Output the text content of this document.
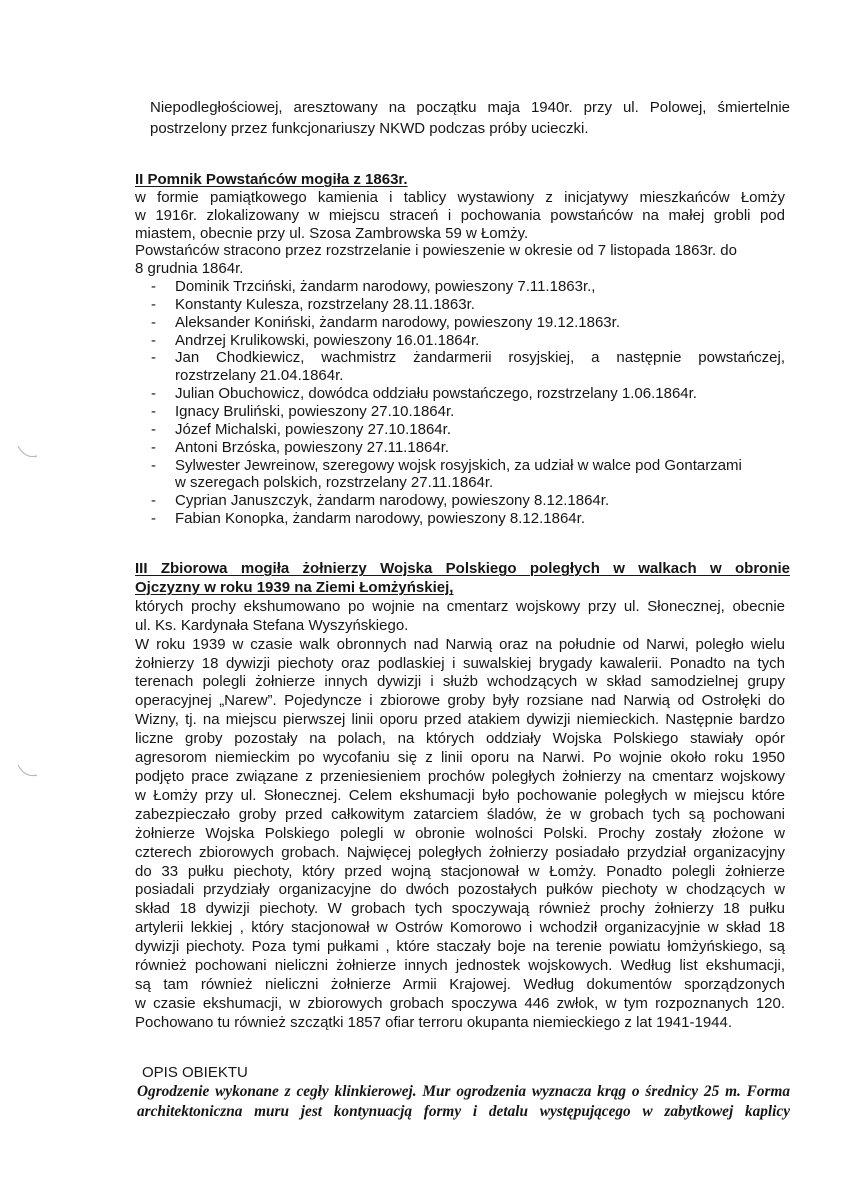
Niepodległościowej, aresztowany na początku maja 1940r. przy ul. Polowej, śmiertelnie
postrzelony przez funkcjonariuszy NKWD podczas próby ucieczki.
II Pomnik Powstańców mogiła z 1863r.
w formie pamiątkowego kamienia i tablicy wystawiony z inicjatywy mieszkańców Łomży
w 1916r. zlokalizowany w miejscu straceń i pochowania powstańców na małej grobli pod
miastem, obecnie przy ul. Szosa Zambrowska 59 w Łomży.
Powstańców stracono przez rozstrzelanie i powieszenie w okresie od 7 listopada 1863r. do
8 grudnia 1864r.
- Dominik Trzciński, żandarm narodowy, powieszony 7.11.1863r.,
- Konstanty Kulesza, rozstrzelany 28.11.1863r.
- Aleksander Koniński, żandarm narodowy, powieszony 19.12.1863r.
- Andrzej Krulikowski, powieszony 16.01.1864r.
- Jan Chodkiewicz, wachmistrz żandarmerii rosyjskiej, a następnie powstańczej,
rozstrzelany 21.04.1864r.
- Julian Obuchowicz, dowódca oddziału powstańczego, rozstrzelany 1.06.1864r.
- Ignacy Bruliński, powieszony 27.10.1864r.
- Józef Michalski, powieszony 27.10.1864r.
- Antoni Brzóska, powieszony 27.11.1864r.
- Sylwester Jewreinow, szeregowy wojsk rosyjskich, za udział w walce pod Gontarzami
w szeregach polskich, rozstrzelany 27.11.1864r.
- Cyprian Januszczyk, żandarm narodowy, powieszony 8.12.1864r.
- Fabian Konopka, żandarm narodowy, powieszony 8.12.1864r.
III Zbiorowa mogiła żołnierzy Wojska Polskiego poległych w walkach w obronie
Ojczyzny w roku 1939 na Ziemi Łomżyńskiej,
których prochy ekshumowano po wojnie na cmentarz wojskowy przy ul. Słonecznej, obecnie
ul. Ks. Kardynała Stefana Wyszyńskiego.
W roku 1939 w czasie walk obronnych nad Narwią oraz na południe od Narwi, poległo wielu
żołnierzy 18 dywizji piechoty oraz podlaskiej i suwalskiej brygady kawalerii. Ponadto na tych
terenach polegli żołnierze innych dywizji i służb wchodzących w skład samodzielnej grupy
operacyjnej „Narew”. Pojedyncze i zbiorowe groby były rozsiane nad Narwią od Ostrołęki do
Wizny, tj. na miejscu pierwszej linii oporu przed atakiem dywizji niemieckich. Następnie bardzo
liczne groby pozostały na polach, na których oddziały Wojska Polskiego stawiały opór
agresorom niemieckim po wycofaniu się z linii oporu na Narwi. Po wojnie około roku 1950
podjęto prace związane z przeniesieniem prochów poległych żołnierzy na cmentarz wojskowy
w Łomży przy ul. Słonecznej. Celem ekshumacji było pochowanie poległych w miejscu które
zabezpieczało groby przed całkowitym zatarciem śladów, że w grobach tych są pochowani
żołnierze Wojska Polskiego polegli w obronie wolności Polski. Prochy zostały złożone w
czterech zbiorowych grobach. Najwięcej poległych żołnierzy posiadało przydział organizacyjny
do 33 pułku piechoty, który przed wojną stacjonował w Łomży. Ponadto polegli żołnierze
posiadali przydziały organizacyjne do dwóch pozostałych pułków piechoty w chodzących w
skład 18 dywizji piechoty. W grobach tych spoczywają również prochy żołnierzy 18 pułku
artylerii lekkiej , który stacjonował w Ostrów Komorowo i wchodził organizacyjnie w skład 18
dywizji piechoty. Poza tymi pułkami , które staczały boje na terenie powiatu łomżyńskiego, są
również pochowani nieliczni żołnierze innych jednostek wojskowych. Według list ekshumacji,
są tam również nieliczni żołnierze Armii Krajowej. Według dokumentów sporządzonych
w czasie ekshumacji, w zbiorowych grobach spoczywa 446 zwłok, w tym rozpoznanych 120.
Pochowano tu również szczątki 1857 ofiar terroru okupanta niemieckiego z lat 1941-1944.
OPIS OBIEKTU
Ogrodzenie wykonane z cegły klinkierowej. Mur ogrodzenia wyznacza krąg o średnicy 25 m. Forma
architektoniczna muru jest kontynuacją formy i detalu występującego w zabytkowej kaplicy
